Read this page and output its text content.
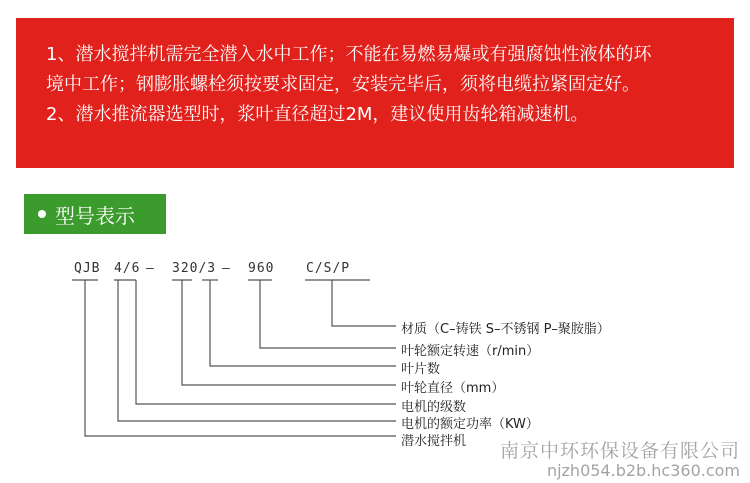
1、潜水搅拌机需完全潜入水中工作；不能在易燃易爆或有强腐蚀性液体的环

境中工作；钢膨胀螺栓须按要求固定，安装完毕后，须将电缆拉紧固定好。

2、潜水推流器选型时，浆叶直径超过2M，建议使用齿轮箱减速机。

型号表示
QJB 4/6 — 320/3 — 960 C/S/P
材质（C–铸铁 S–不锈钢 P–聚胺脂）
叶轮额定转速（r/min）
叶片数
叶轮直径（mm）
电机的级数
电机的额定功率（KW）
潜水搅拌机 南京中环环保设备有限公司
njzh054.b2b.hc360.com
